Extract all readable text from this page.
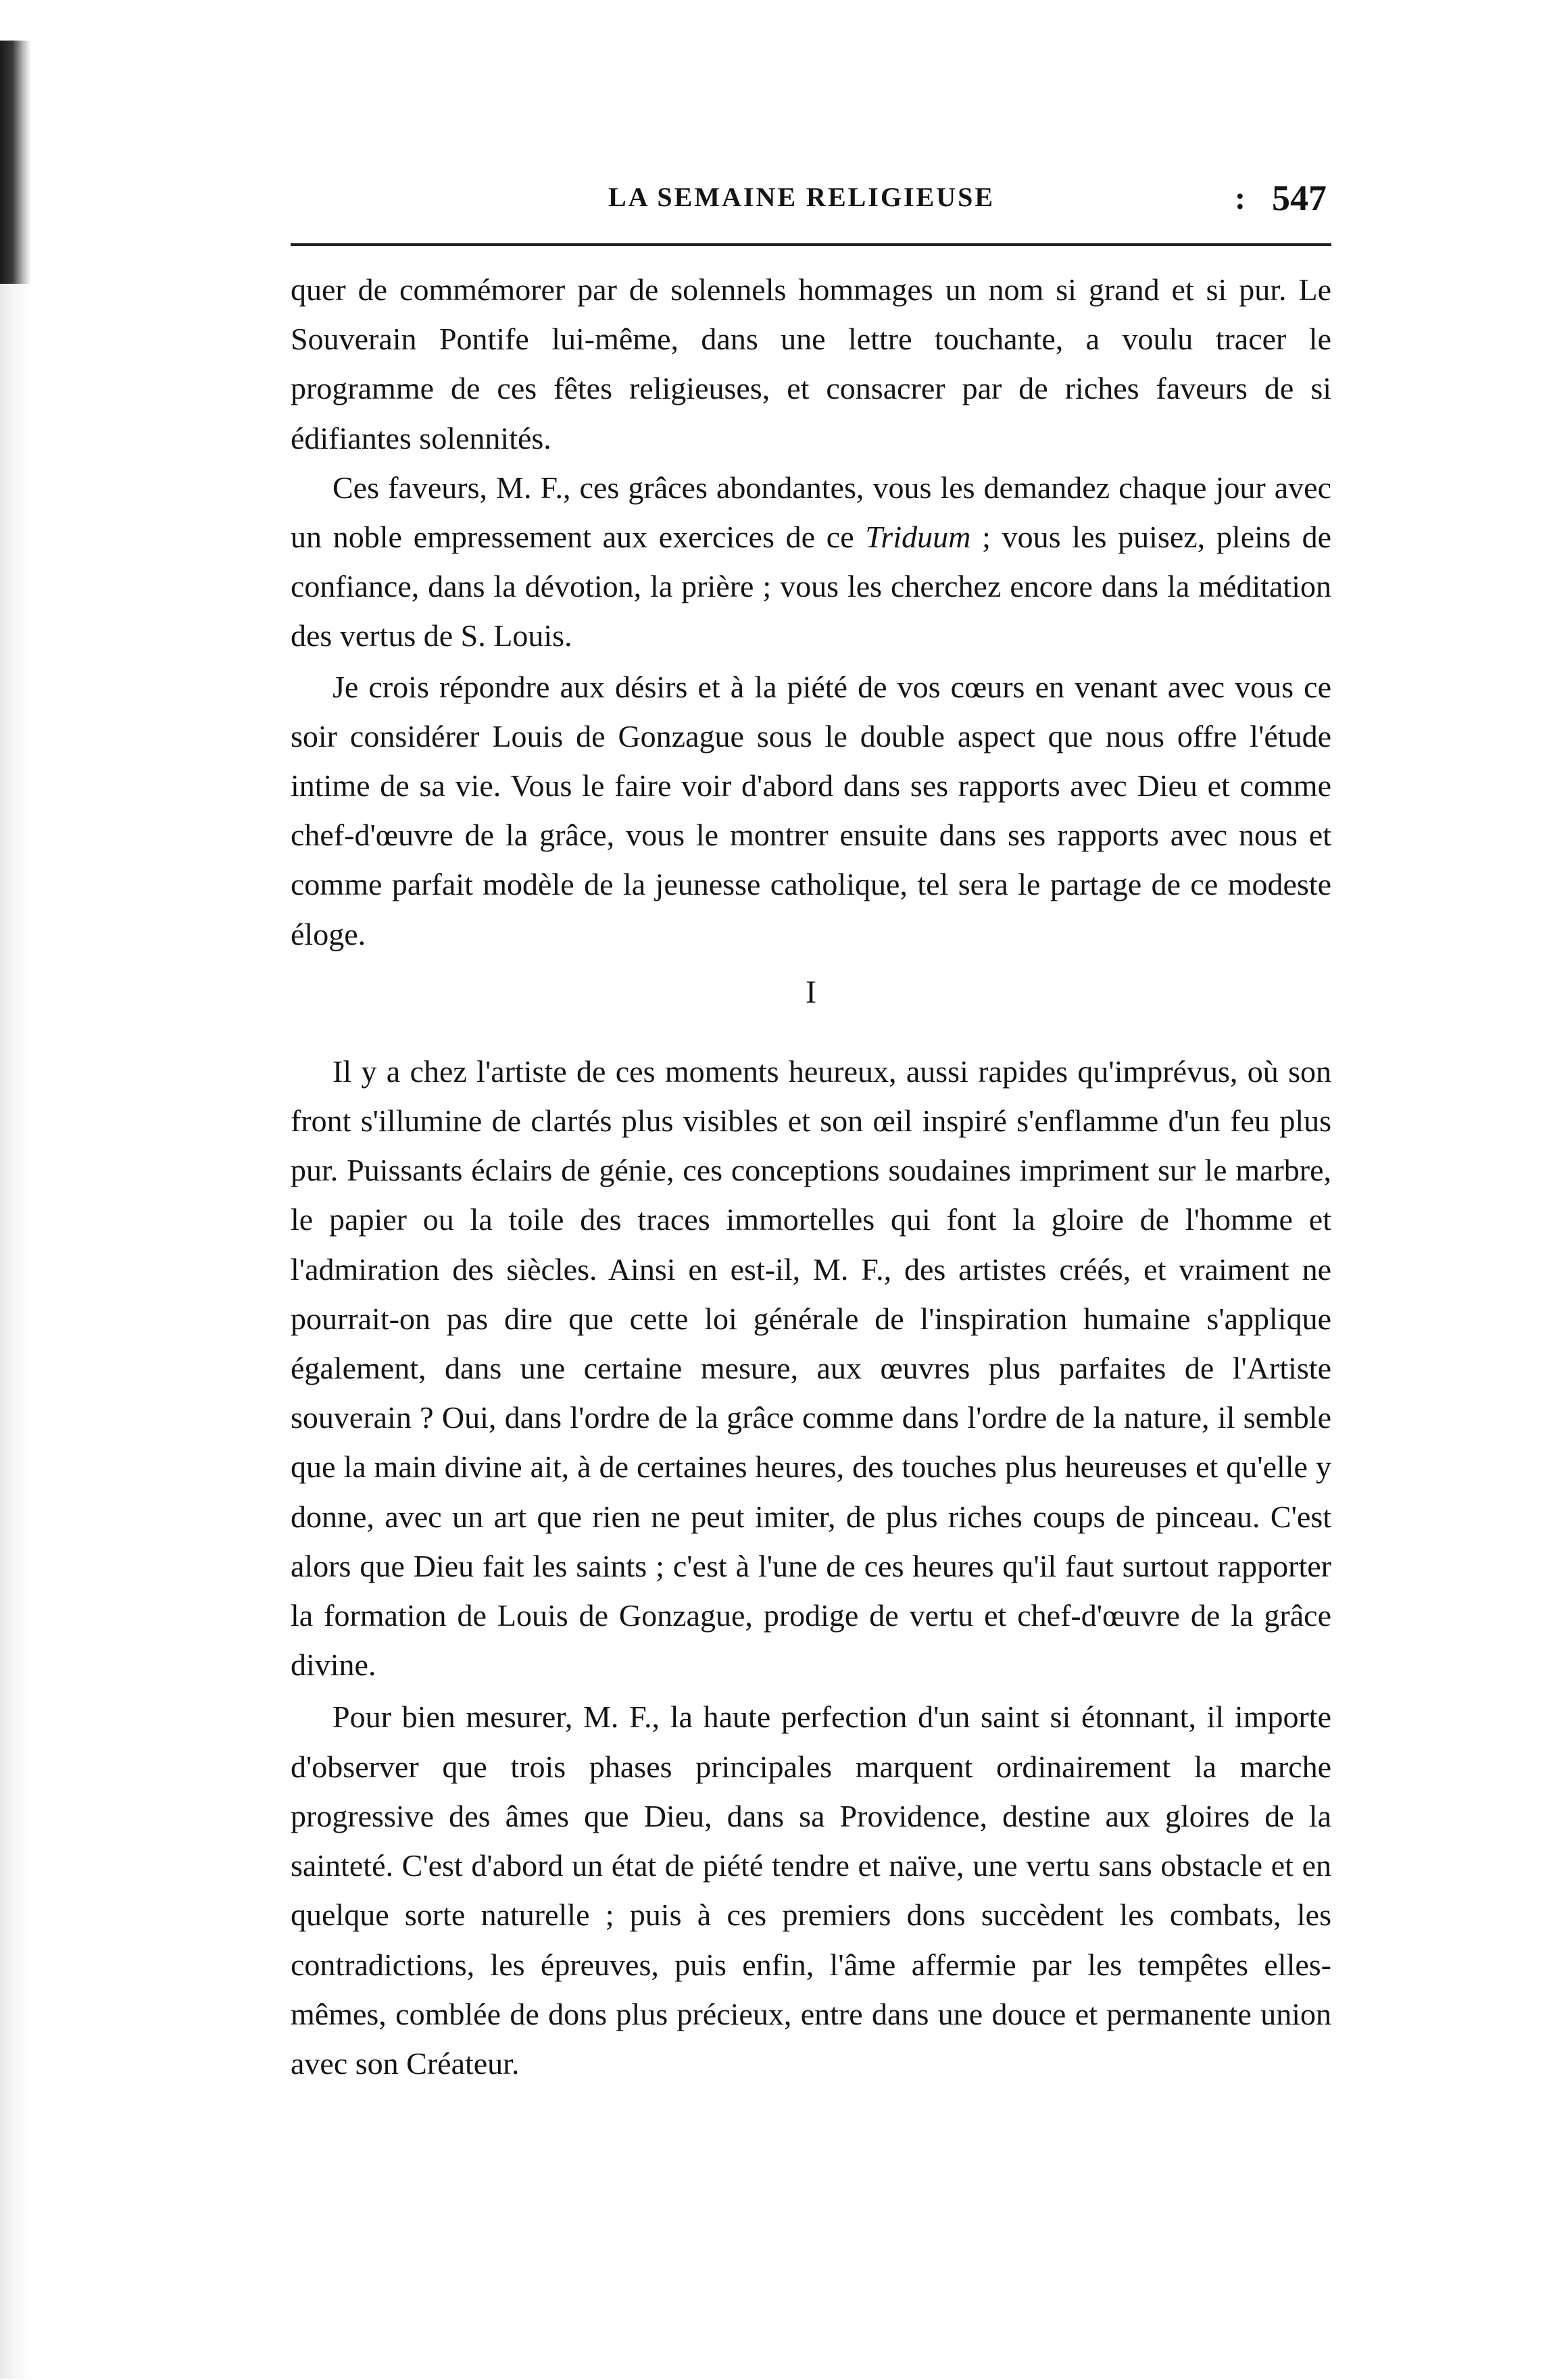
LA SEMAINE RELIGIEUSE	: 547

quer de commémorer par de solennels hommages un nom si grand et si pur. Le Souverain Pontife lui-même, dans une lettre touchante, a voulu tracer le programme de ces fêtes religieuses, et consacrer par de riches faveurs de si édifiantes solennités.

Ces faveurs, M. F., ces grâces abondantes, vous les demandez chaque jour avec un noble empressement aux exercices de ce Triduum ; vous les puisez, pleins de confiance, dans la dévotion, la prière ; vous les cherchez encore dans la méditation des vertus de S. Louis.

Je crois répondre aux désirs et à la piété de vos cœurs en venant avec vous ce soir considérer Louis de Gonzague sous le double aspect que nous offre l'étude intime de sa vie. Vous le faire voir d'abord dans ses rapports avec Dieu et comme chef-d'œuvre de la grâce, vous le montrer ensuite dans ses rapports avec nous et comme parfait modèle de la jeunesse catholique, tel sera le partage de ce modeste éloge.

I

Il y a chez l'artiste de ces moments heureux, aussi rapides qu'imprévus, où son front s'illumine de clartés plus visibles et son œil inspiré s'enflamme d'un feu plus pur. Puissants éclairs de génie, ces conceptions soudaines impriment sur le marbre, le papier ou la toile des traces immortelles qui font la gloire de l'homme et l'admiration des siècles. Ainsi en est-il, M. F., des artistes créés, et vraiment ne pourrait-on pas dire que cette loi générale de l'inspiration humaine s'applique également, dans une certaine mesure, aux œuvres plus parfaites de l'Artiste souverain ? Oui, dans l'ordre de la grâce comme dans l'ordre de la nature, il semble que la main divine ait, à de certaines heures, des touches plus heureuses et qu'elle y donne, avec un art que rien ne peut imiter, de plus riches coups de pinceau. C'est alors que Dieu fait les saints ; c'est à l'une de ces heures qu'il faut surtout rapporter la formation de Louis de Gonzague, prodige de vertu et chef-d'œuvre de la grâce divine.

Pour bien mesurer, M. F., la haute perfection d'un saint si étonnant, il importe d'observer que trois phases principales marquent ordinairement la marche progressive des âmes que Dieu, dans sa Providence, destine aux gloires de la sainteté. C'est d'abord un état de piété tendre et naïve, une vertu sans obstacle et en quelque sorte naturelle ; puis à ces premiers dons succèdent les combats, les contradictions, les épreuves, puis enfin, l'âme affermie par les tempêtes elles-mêmes, comblée de dons plus précieux, entre dans une douce et permanente union avec son Créateur.
